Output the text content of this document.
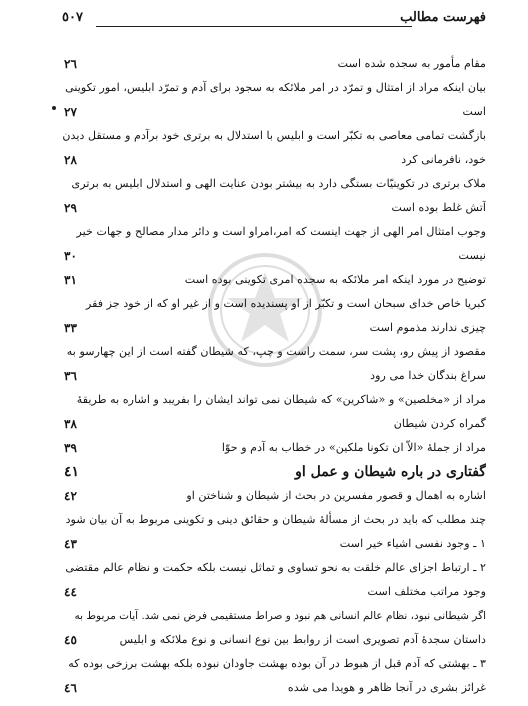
فهرست مطالب
٥٠٧
مقام مأمور به سجده شده است
٢٦
بیان اینکه مراد از امتثال و تمرّد در امر ملائکه به سجود برای آدم و تمرّد ابلیس، امور تکوینی
است
٢٧
بازگشت تمامی معاصی به تکبّر است و ابلیس با استدلال به برتری خود برآدم و مستقل دیدن
خود، نافرمانی کرد
٢٨
ملاک برتری در تکوینیّات بستگی دارد به بیشتر بودن عنایت الهی و استدلال ابلیس به برتری
آتش غلط بوده است
٢٩
وجوب امتثال امر الهی از جهت اینست که امر،امراو است و دائر مدار مصالح و جهات خیر
نیست
٣٠
توضیح در مورد اینکه امر ملائکه به سجده امری تکوینی بوده است
٣١
کبریا خاص خدای سبحان است و تکبّر از او پسندیده است و از غیر او که از خود جز فقر
چیزی ندارند مذموم است
٣٣
مقصود از پیش رو، پشت سر، سمت راست و چپ، که شیطان گفته است از این چهارسو به
سراغ بندگان خدا می رود
٣٦
مراد از «مخلصین» و «شاکرین» که شیطان نمی تواند ایشان را بفریبد و اشاره به طریقۀ
گمراه کردن شیطان
٣٨
مراد از جملۀ «الاّ ان تکونا ملکین» در خطاب به آدم و حوّا
٣٩
گفتاری در باره شیطان و عمل او
٤١
اشاره به اهمال و قصور مفسرین در بحث از شیطان و شناختن او
٤٢
چند مطلب که باید در بحث از مسألۀ شیطان و حقائق دینی و تکوینی مربوط به آن بیان شود
١ ـ وجود نفسی اشیاء خیر است
٤٣
٢ ـ ارتباط اجزای عالم خلقت به نحو تساوی و تماثل نیست بلکه حکمت و نظام عالم مقتضی
وجود مراتب مختلف است
٤٤
اگر شیطانی نبود، نظام عالم انسانی هم نبود و صراط مستقیمی فرض نمی شد. آیات مربوط به
داستان سجدۀ آدم تصویری است از روابط بین نوع انسانی و نوع ملائکه و ابلیس
٤٥
٣ ـ بهشتی که آدم قبل از هبوط در آن بوده بهشت جاودان نبوده بلکه بهشت برزخی بوده که
غرائز بشری در آنجا ظاهر و هویدا می شده
٤٦
